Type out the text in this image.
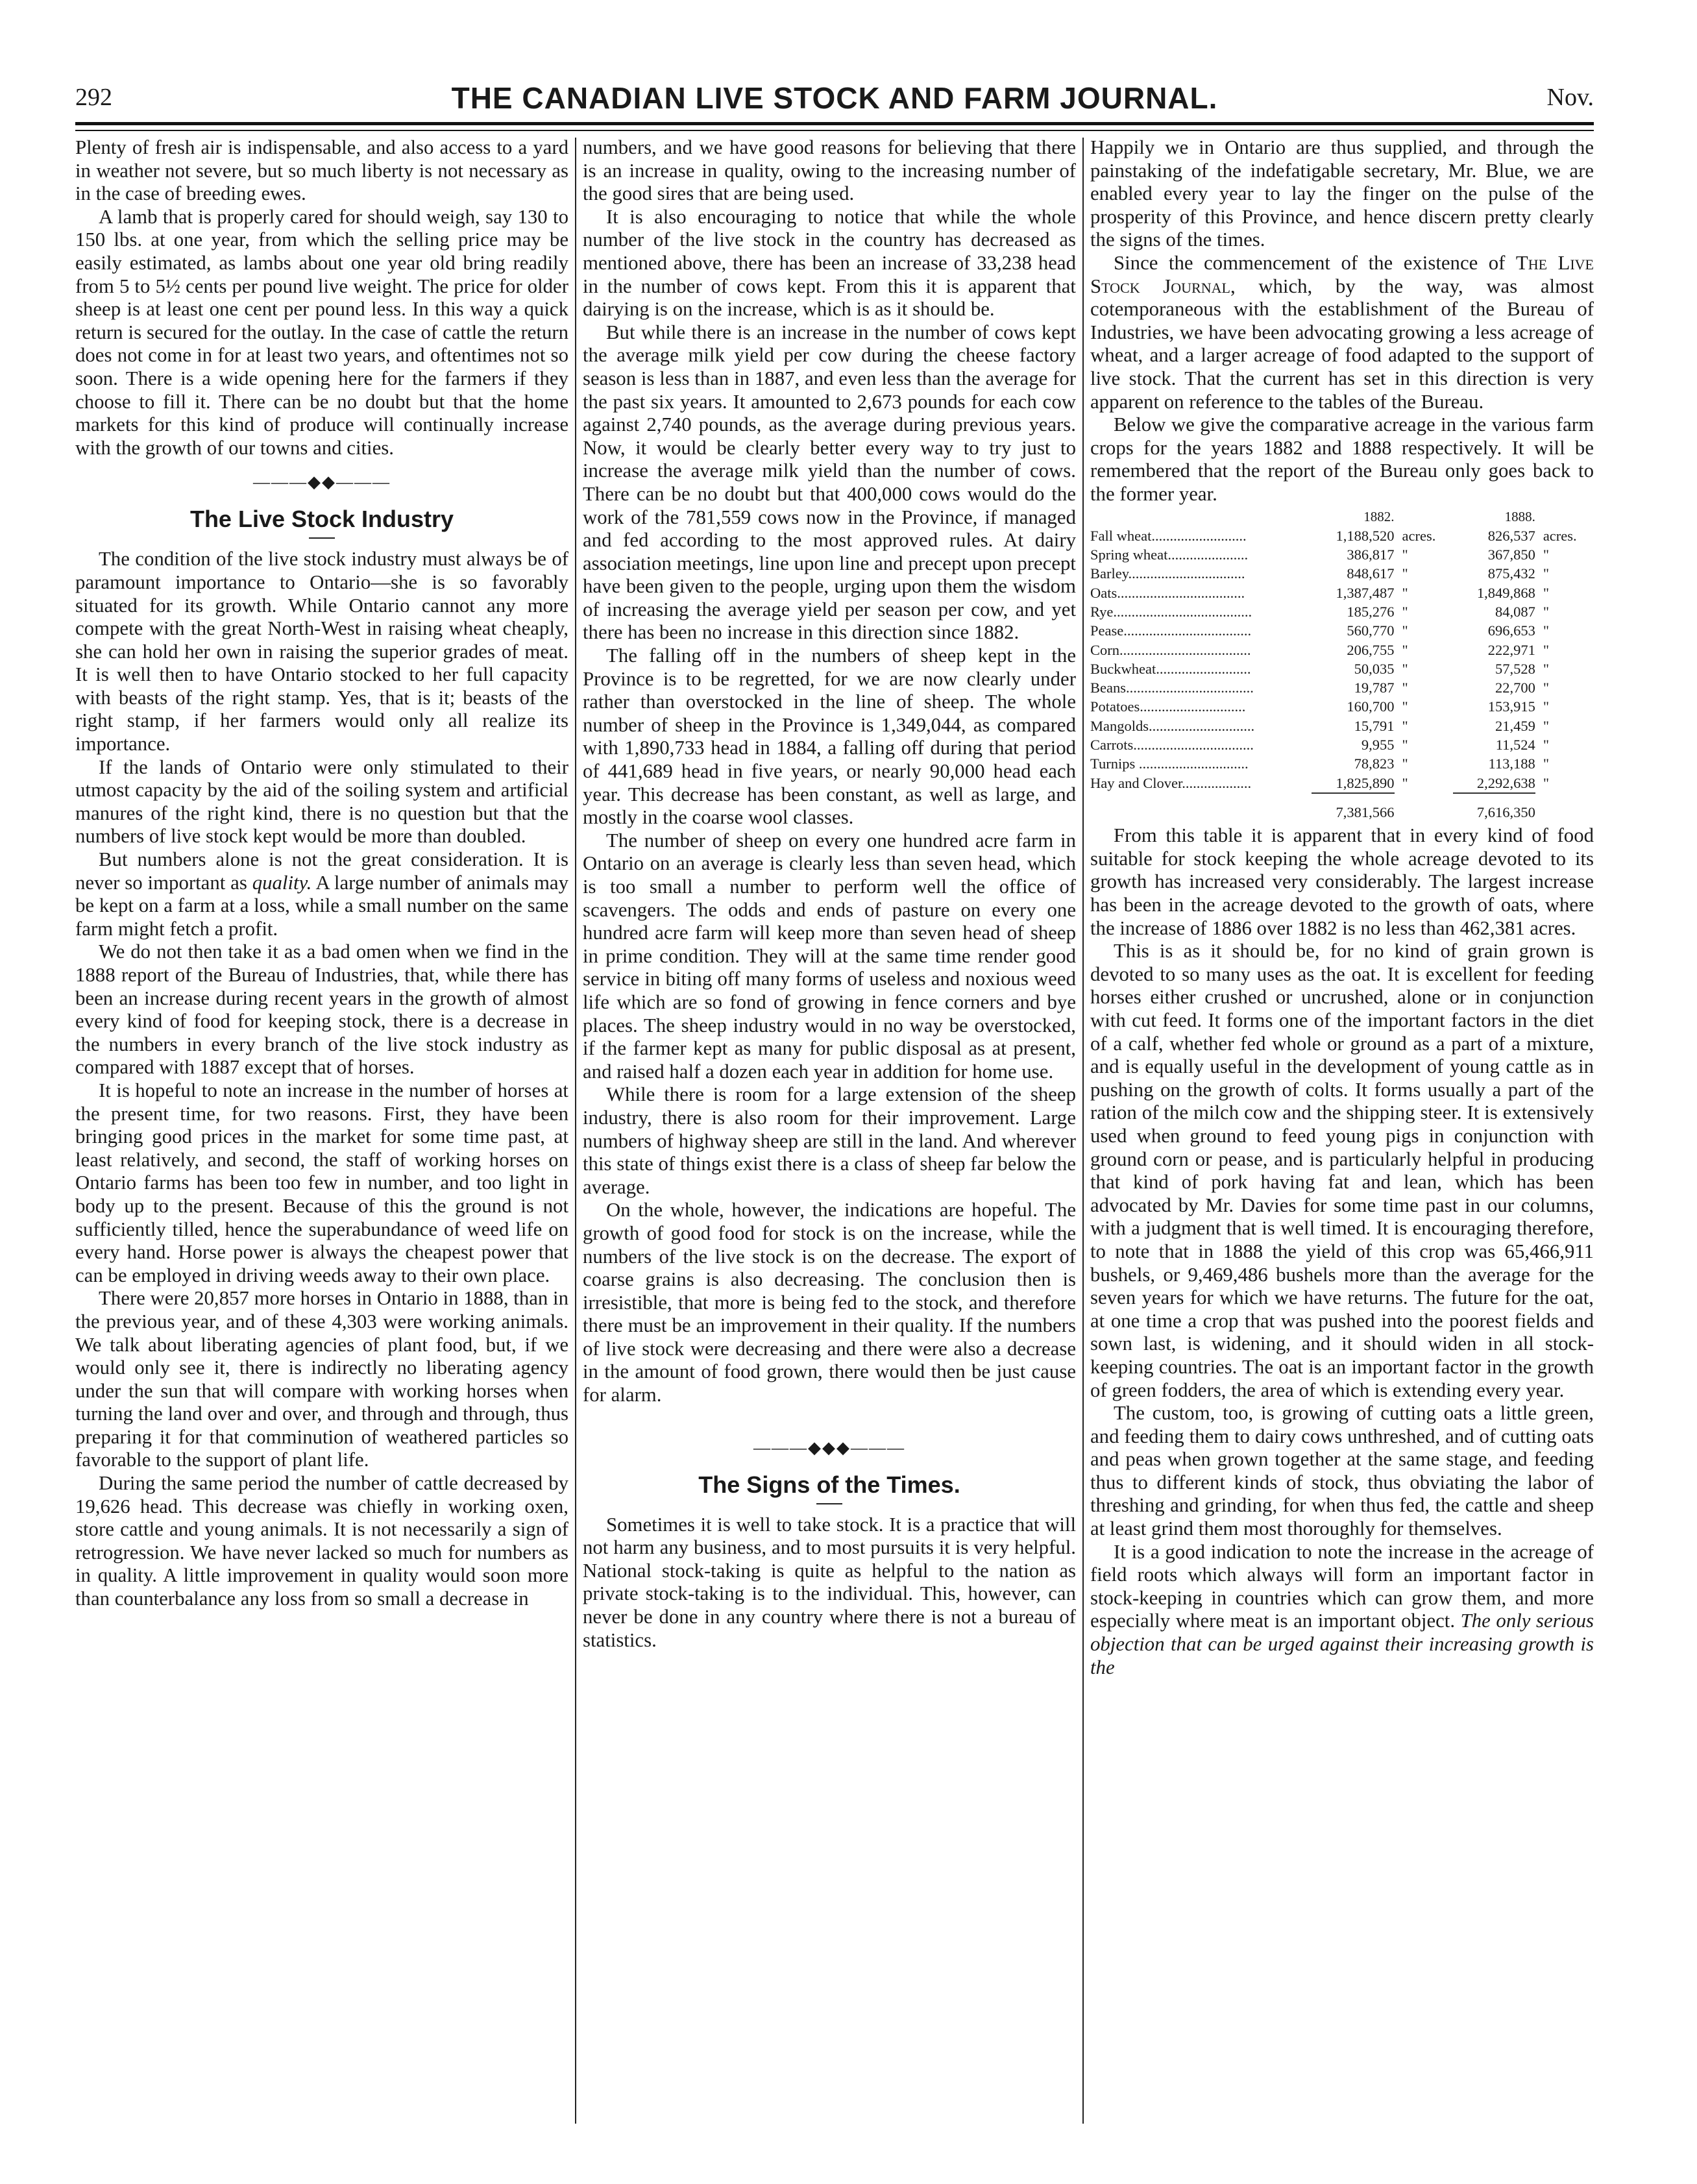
292	THE CANADIAN LIVE STOCK AND FARM JOURNAL.	Nov.

Plenty of fresh air is indispensable, and also access to a yard in weather not severe, but so much liberty is not necessary as in the case of breeding ewes.

A lamb that is properly cared for should weigh, say 130 to 150 lbs. at one year, from which the selling price may be easily estimated, as lambs about one year old bring readily from 5 to 5½ cents per pound live weight. The price for older sheep is at least one cent per pound less. In this way a quick return is secured for the outlay. In the case of cattle the return does not come in for at least two years, and oftentimes not so soon. There is a wide opening here for the farmers if they choose to fill it. There can be no doubt but that the home markets for this kind of produce will continually increase with the growth of our towns and cities.

———◆◆———
The Live Stock Industry

The condition of the live stock industry must always be of paramount importance to Ontario—she is so favorably situated for its growth. While Ontario cannot any more compete with the great North-West in raising wheat cheaply, she can hold her own in raising the superior grades of meat. It is well then to have Ontario stocked to her full capacity with beasts of the right stamp. Yes, that is it; beasts of the right stamp, if her farmers would only all realize its importance.

If the lands of Ontario were only stimulated to their utmost capacity by the aid of the soiling system and artificial manures of the right kind, there is no question but that the numbers of live stock kept would be more than doubled.

But numbers alone is not the great consideration. It is never so important as quality. A large number of animals may be kept on a farm at a loss, while a small number on the same farm might fetch a profit.

We do not then take it as a bad omen when we find in the 1888 report of the Bureau of Industries, that, while there has been an increase during recent years in the growth of almost every kind of food for keeping stock, there is a decrease in the numbers in every branch of the live stock industry as compared with 1887 except that of horses.

It is hopeful to note an increase in the number of horses at the present time, for two reasons. First, they have been bringing good prices in the market for some time past, at least relatively, and second, the staff of working horses on Ontario farms has been too few in number, and too light in body up to the present. Because of this the ground is not sufficiently tilled, hence the superabundance of weed life on every hand. Horse power is always the cheapest power that can be employed in driving weeds away to their own place.

There were 20,857 more horses in Ontario in 1888, than in the previous year, and of these 4,303 were working animals. We talk about liberating agencies of plant food, but, if we would only see it, there is indirectly no liberating agency under the sun that will compare with working horses when turning the land over and over, and through and through, thus preparing it for that comminution of weathered particles so favorable to the support of plant life.

During the same period the number of cattle decreased by 19,626 head. This decrease was chiefly in working oxen, store cattle and young animals. It is not necessarily a sign of retrogression. We have never lacked so much for numbers as in quality. A little improvement in quality would soon more than counterbalance any loss from so small a decrease in

numbers, and we have good reasons for believing that there is an increase in quality, owing to the increasing number of the good sires that are being used.

It is also encouraging to notice that while the whole number of the live stock in the country has decreased as mentioned above, there has been an increase of 33,238 head in the number of cows kept. From this it is apparent that dairying is on the increase, which is as it should be.

But while there is an increase in the number of cows kept the average milk yield per cow during the cheese factory season is less than in 1887, and even less than the average for the past six years. It amounted to 2,673 pounds for each cow against 2,740 pounds, as the average during previous years. Now, it would be clearly better every way to try just to increase the average milk yield than the number of cows. There can be no doubt but that 400,000 cows would do the work of the 781,559 cows now in the Province, if managed and fed according to the most approved rules. At dairy association meetings, line upon line and precept upon precept have been given to the people, urging upon them the wisdom of increasing the average yield per season per cow, and yet there has been no increase in this direction since 1882.

The falling off in the numbers of sheep kept in the Province is to be regretted, for we are now clearly under rather than overstocked in the line of sheep. The whole number of sheep in the Province is 1,349,044, as compared with 1,890,733 head in 1884, a falling off during that period of 441,689 head in five years, or nearly 90,000 head each year. This decrease has been constant, as well as large, and mostly in the coarse wool classes.

The number of sheep on every one hundred acre farm in Ontario on an average is clearly less than seven head, which is too small a number to perform well the office of scavengers. The odds and ends of pasture on every one hundred acre farm will keep more than seven head of sheep in prime condition. They will at the same time render good service in biting off many forms of useless and noxious weed life which are so fond of growing in fence corners and bye places. The sheep industry would in no way be overstocked, if the farmer kept as many for public disposal as at present, and raised half a dozen each year in addition for home use.

While there is room for a large extension of the sheep industry, there is also room for their improvement. Large numbers of highway sheep are still in the land. And wherever this state of things exist there is a class of sheep far below the average.

On the whole, however, the indications are hopeful. The growth of good food for stock is on the increase, while the numbers of the live stock is on the decrease. The export of coarse grains is also decreasing. The conclusion then is irresistible, that more is being fed to the stock, and therefore there must be an improvement in their quality. If the numbers of live stock were decreasing and there were also a decrease in the amount of food grown, there would then be just cause for alarm.

———◆◆◆———
The Signs of the Times.

Sometimes it is well to take stock. It is a practice that will not harm any business, and to most pursuits it is very helpful. National stock-taking is quite as helpful to the nation as private stock-taking is to the individual. This, however, can never be done in any country where there is not a bureau of statistics.

Happily we in Ontario are thus supplied, and through the painstaking of the indefatigable secretary, Mr. Blue, we are enabled every year to lay the finger on the pulse of the prosperity of this Province, and hence discern pretty clearly the signs of the times.

Since the commencement of the existence of The Live Stock Journal, which, by the way, was almost cotemporaneous with the establishment of the Bureau of Industries, we have been advocating growing a less acreage of wheat, and a larger acreage of food adapted to the support of live stock. That the current has set in this direction is very apparent on reference to the tables of the Bureau.

Below we give the comparative acreage in the various farm crops for the years 1882 and 1888 respectively. It will be remembered that the report of the Bureau only goes back to the former year.

	1882.		1888.	
Fall wheat..........................	1,188,520	acres.	826,537	acres.
Spring wheat......................	386,817	"	367,850	"
Barley................................	848,617	"	875,432	"
Oats...................................	1,387,487	"	1,849,868	"
Rye......................................	185,276	"	84,087	"
Pease...................................	560,770	"	696,653	"
Corn....................................	206,755	"	222,971	"
Buckwheat..........................	50,035	"	57,528	"
Beans...................................	19,787	"	22,700	"
Potatoes.............................	160,700	"	153,915	"
Mangolds.............................	15,791	"	21,459	"
Carrots.................................	9,955	"	11,524	"
Turnips ..............................	78,823	"	113,188	"
Hay and Clover...................	1,825,890	"	2,292,638	"
	7,381,566		7,616,350	

From this table it is apparent that in every kind of food suitable for stock keeping the whole acreage devoted to its growth has increased very considerably. The largest increase has been in the acreage devoted to the growth of oats, where the increase of 1886 over 1882 is no less than 462,381 acres.

This is as it should be, for no kind of grain grown is devoted to so many uses as the oat. It is excellent for feeding horses either crushed or uncrushed, alone or in conjunction with cut feed. It forms one of the important factors in the diet of a calf, whether fed whole or ground as a part of a mixture, and is equally useful in the development of young cattle as in pushing on the growth of colts. It forms usually a part of the ration of the milch cow and the shipping steer. It is extensively used when ground to feed young pigs in conjunction with ground corn or pease, and is particularly helpful in producing that kind of pork having fat and lean, which has been advocated by Mr. Davies for some time past in our columns, with a judgment that is well timed. It is encouraging therefore, to note that in 1888 the yield of this crop was 65,466,911 bushels, or 9,469,486 bushels more than the average for the seven years for which we have returns. The future for the oat, at one time a crop that was pushed into the poorest fields and sown last, is widening, and it should widen in all stock-keeping countries. The oat is an important factor in the growth of green fodders, the area of which is extending every year.

The custom, too, is growing of cutting oats a little green, and feeding them to dairy cows unthreshed, and of cutting oats and peas when grown together at the same stage, and feeding thus to different kinds of stock, thus obviating the labor of threshing and grinding, for when thus fed, the cattle and sheep at least grind them most thoroughly for themselves.

It is a good indication to note the increase in the acreage of field roots which always will form an important factor in stock-keeping in countries which can grow them, and more especially where meat is an important object. The only serious objection that can be urged against their increasing growth is the
